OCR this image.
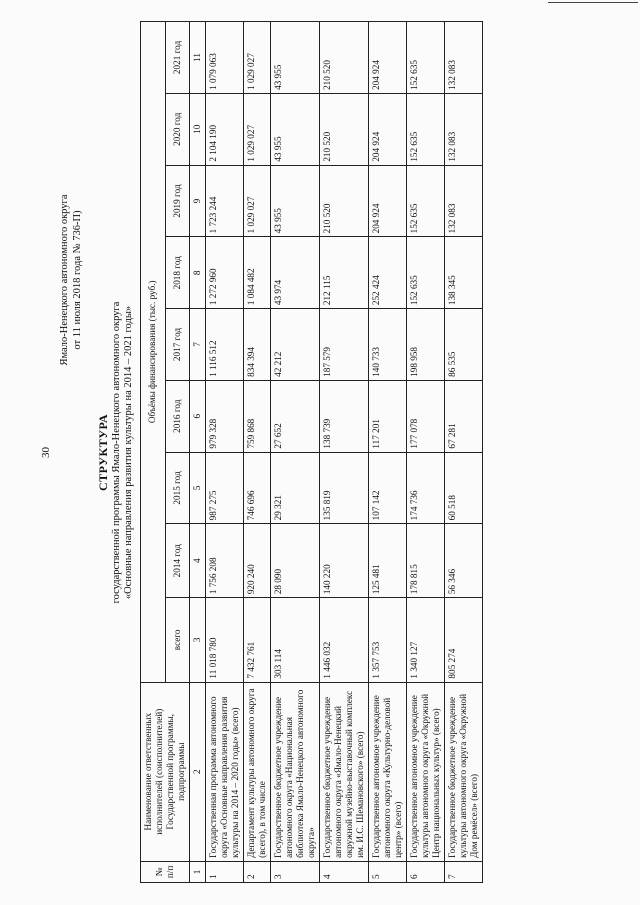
30
Ямало-Ненецкого автономного округа от 11 июля 2018 года № 736-П)
СТРУКТУРА государственной программы Ямало-Ненецкого автономного округа «Основные направления развития культуры на 2014 – 2021 годы»
№ п/п	Наименование ответственных исполнителей (соисполнителей) Государственной программы, подпрограммы	Объёмы финансирования (тыс. руб.)								
		всего	2014 год	2015 год	2016 год	2017 год	2018 год	2019 год	2020 год	2021 год
1	2	3	4	5	6	7	8	9	10	11
1	Государственная программа автономного округа «Основные направления развития культуры на 2014 – 2020 годы» (всего)	11 018 780	1 756 208	987 275	979 328	1 116 512	1 272 960	1 723 244	2 104 190	1 079 063
2	Департамент культуры автономного округа (всего), в том числе	7 432 761	920 240	746 696	759 868	834 394	1 084 482	1 029 027	1 029 027	1 029 027
3	Государственное бюджетное учреждение автономного округа «Национальная библиотека Ямало-Ненецкого автономного округа»	303 114	28 090	29 321	27 652	42 212	43 974	43 955	43 955	43 955
4	Государственное бюджетное учреждение автономного округа «Ямало-Ненецкий окружной музейно-выставочный комплекс им. И.С. Шемановского» (всего)	1 446 032	140 220	135 819	138 739	187 579	212 115	210 520	210 520	210 520
5	Государственное автономное учреждение автономного округа «Культурно-деловой центр» (всего)	1 357 753	125 481	107 142	117 201	140 733	252 424	204 924	204 924	204 924
6	Государственное автономное учреждение культуры автономного округа «Окружной Центр национальных культур» (всего)	1 340 127	178 815	174 736	177 078	198 958	152 635	152 635	152 635	152 635
7	Государственное бюджетное учреждение культуры автономного округа «Окружной Дом ремёсел» (всего)	805 274	56 346	60 518	67 281	86 535	138 345	132 083	132 083	132 083
